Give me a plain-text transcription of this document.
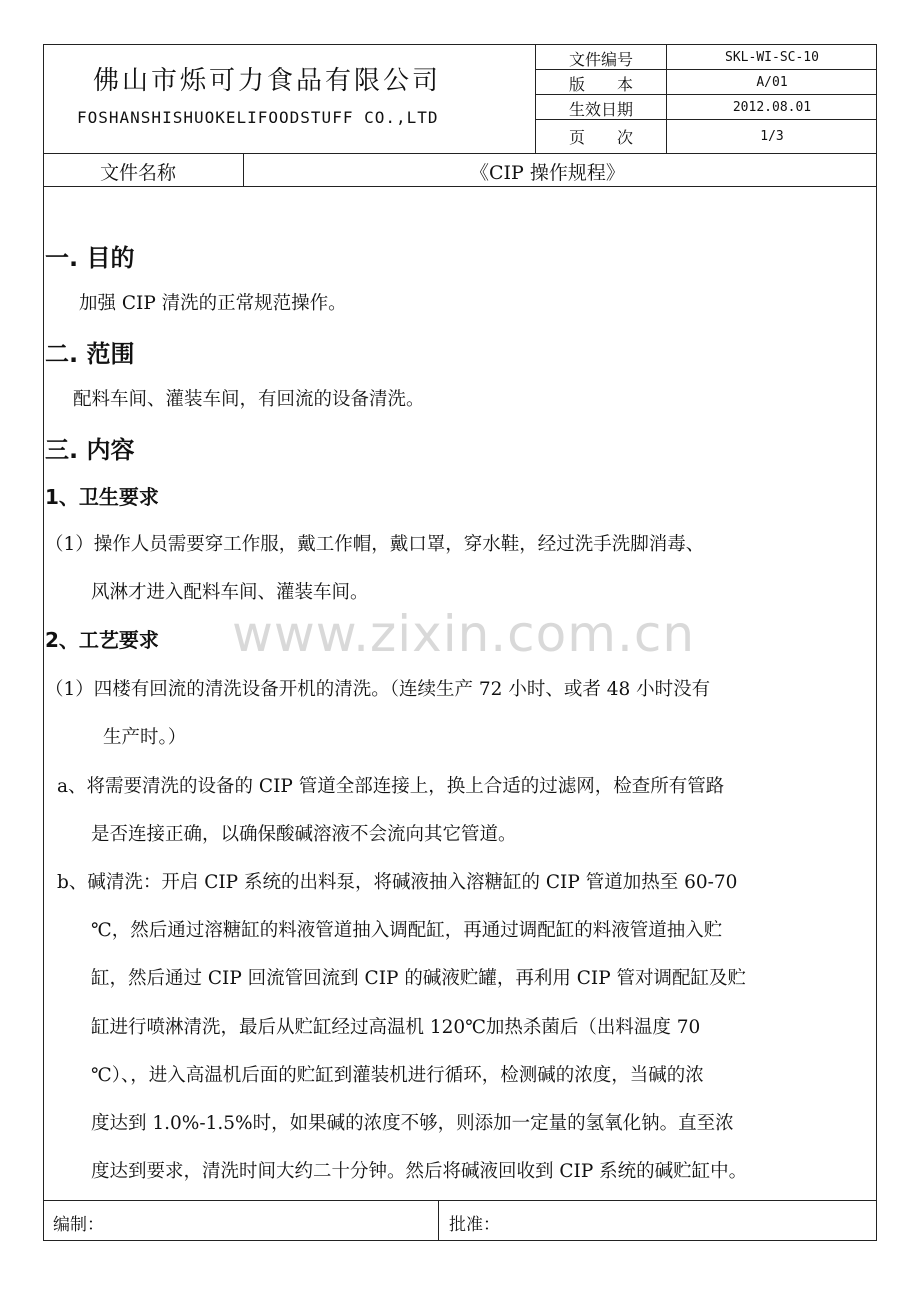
佛山市烁可力食品有限公司
FOSHANSHISHUOKELIFOODSTUFF CO.,LTD
文件编号	SKL-WI-SC-10
版　　本	A/01
生效日期	2012.08.01
页　　次	1/3
文件名称	《CIP 操作规程》
www.zixin.com.cn
一. 目的
加强 CIP 清洗的正常规范操作。
二. 范围
配料车间、灌装车间，有回流的设备清洗。
三. 内容
1、卫生要求
（1）操作人员需要穿工作服，戴工作帽，戴口罩，穿水鞋，经过洗手洗脚消毒、
风淋才进入配料车间、灌装车间。
2、工艺要求
（1）四楼有回流的清洗设备开机的清洗。（连续生产 72 小时、或者 48 小时没有
生产时。）
a、将需要清洗的设备的 CIP 管道全部连接上，换上合适的过滤网，检查所有管路
是否连接正确，以确保酸碱溶液不会流向其它管道。
b、碱清洗：开启 CIP 系统的出料泵，将碱液抽入溶糖缸的 CIP 管道加热至 60-70
℃，然后通过溶糖缸的料液管道抽入调配缸，再通过调配缸的料液管道抽入贮
缸，然后通过 CIP 回流管回流到 CIP 的碱液贮罐，再利用 CIP 管对调配缸及贮
缸进行喷淋清洗，最后从贮缸经过高温机 120℃加热杀菌后（出料温度 70
℃）、，进入高温机后面的贮缸到灌装机进行循环，检测碱的浓度，当碱的浓
度达到 1.0%-1.5%时，如果碱的浓度不够，则添加一定量的氢氧化钠。直至浓
度达到要求，清洗时间大约二十分钟。然后将碱液回收到 CIP 系统的碱贮缸中。
编制：	批准：
